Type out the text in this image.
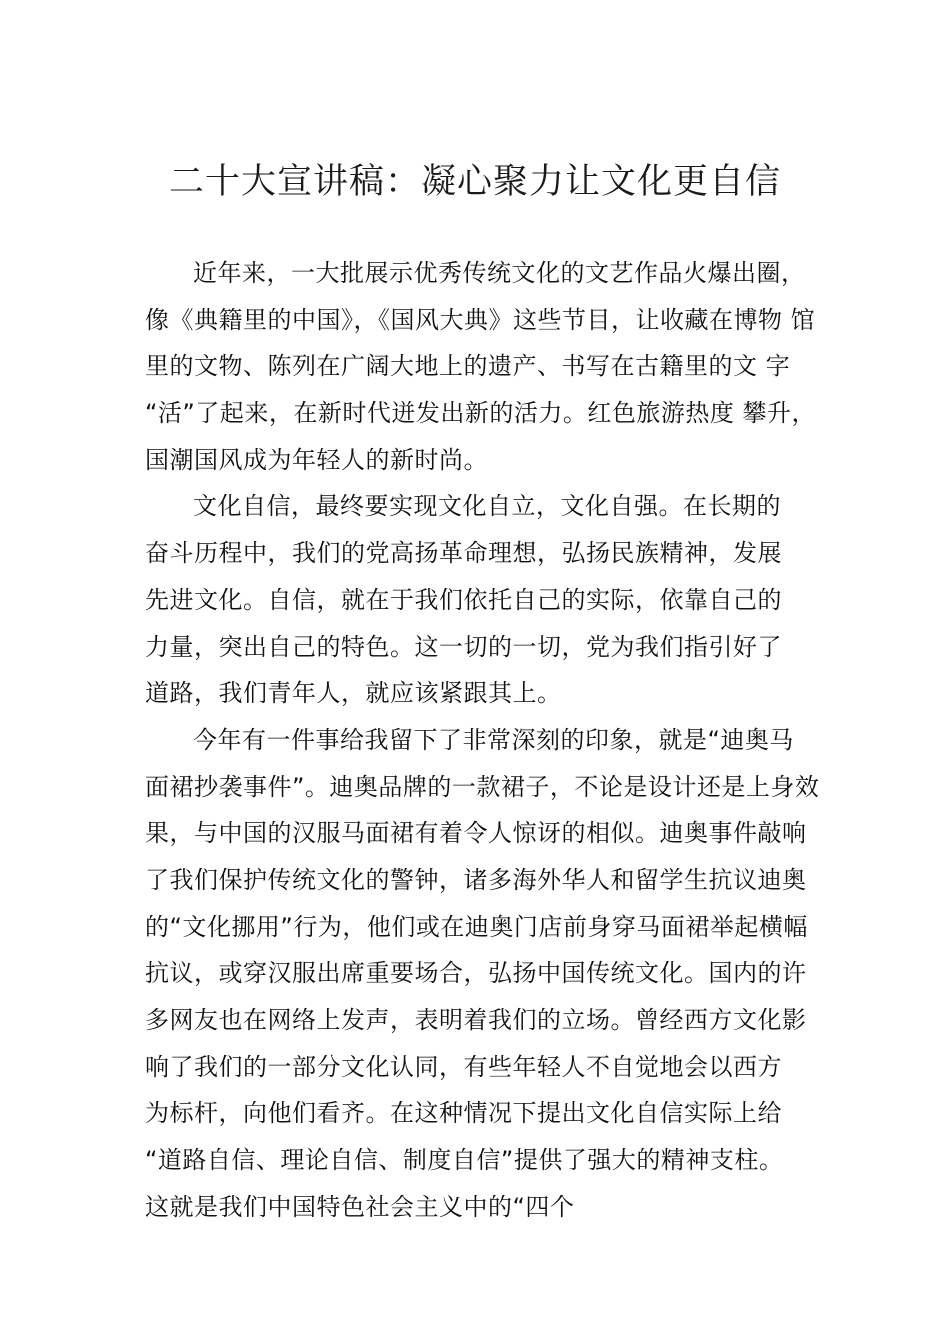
二十大宣讲稿：凝心聚力让文化更自信
近年来，一大批展示优秀传统文化的文艺作品火爆出圈，
像《典籍里的中国》，《国风大典》这些节目，让收藏在博物 馆
里的文物、陈列在广阔大地上的遗产、书写在古籍里的文 字
“活”了起来，在新时代迸发出新的活力。红色旅游热度 攀升，
国潮国风成为年轻人的新时尚。
文化自信，最终要实现文化自立，文化自强。在长期的
奋斗历程中，我们的党高扬革命理想，弘扬民族精神，发展
先进文化。自信，就在于我们依托自己的实际，依靠自己的
力量，突出自己的特色。这一切的一切，党为我们指引好了
道路，我们青年人，就应该紧跟其上。
今年有一件事给我留下了非常深刻的印象，就是“迪奥马
面裙抄袭事件”。迪奥品牌的一款裙子，不论是设计还是上身效
果，与中国的汉服马面裙有着令人惊讶的相似。迪奥事件敲响
了我们保护传统文化的警钟，诸多海外华人和留学生抗议迪奥
的“文化挪用”行为，他们或在迪奥门店前身穿马面裙举起横幅
抗议，或穿汉服出席重要场合，弘扬中国传统文化。国内的许
多网友也在网络上发声，表明着我们的立场。曾经西方文化影
响了我们的一部分文化认同，有些年轻人不自觉地会以西方
为标杆，向他们看齐。在这种情况下提出文化自信实际上给
“道路自信、理论自信、制度自信”提供了强大的精神支柱。
这就是我们中国特色社会主义中的“四个
